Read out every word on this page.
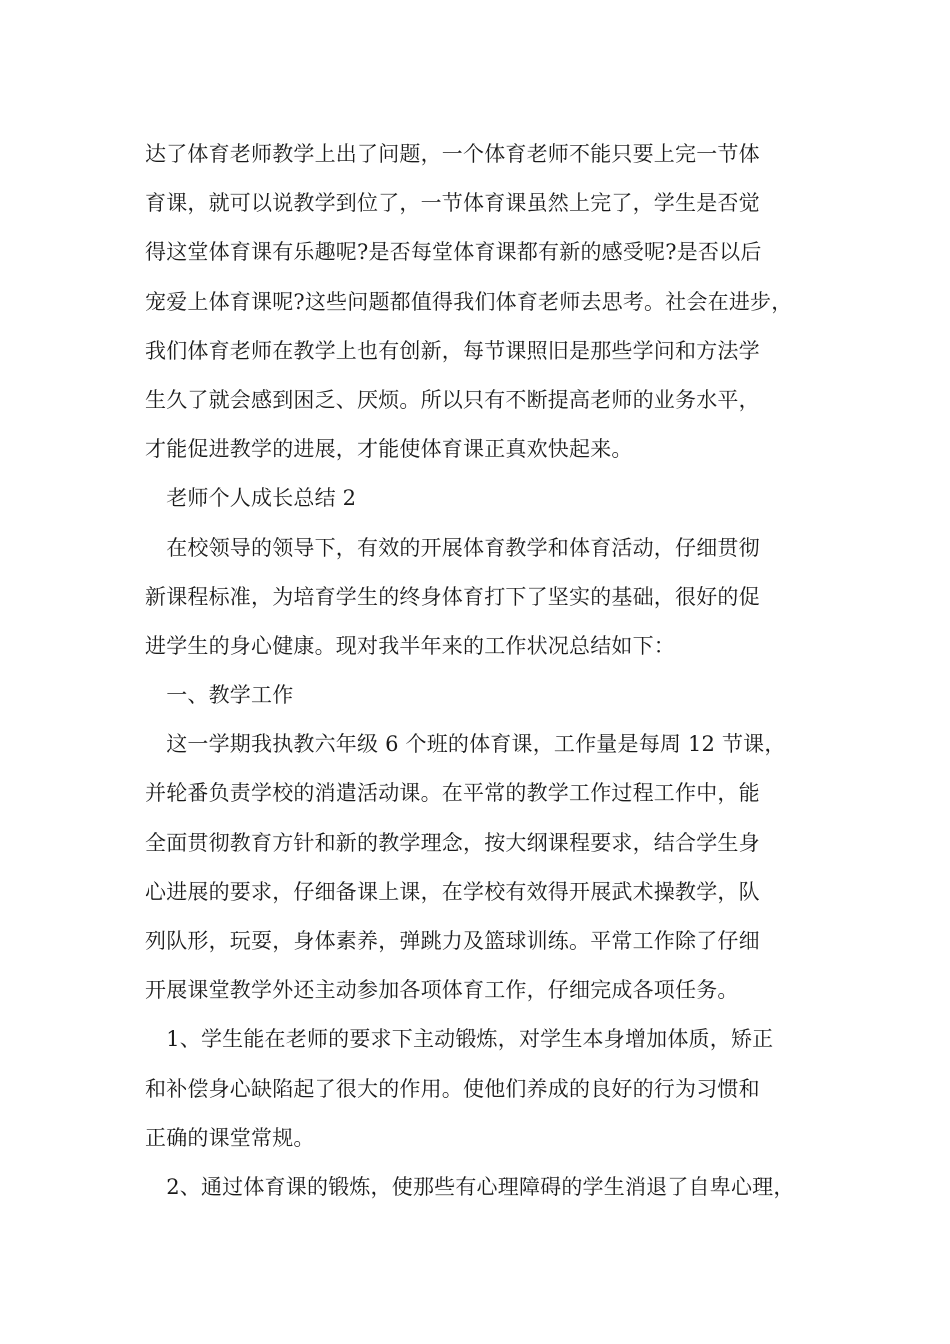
达了体育老师教学上出了问题，一个体育老师不能只要上完一节体
育课，就可以说教学到位了，一节体育课虽然上完了，学生是否觉
得这堂体育课有乐趣呢?是否每堂体育课都有新的感受呢?是否以后
宠爱上体育课呢?这些问题都值得我们体育老师去思考。社会在进步，
我们体育老师在教学上也有创新，每节课照旧是那些学问和方法学
生久了就会感到困乏、厌烦。所以只有不断提高老师的业务水平，
才能促进教学的进展，才能使体育课正真欢快起来。
　老师个人成长总结 2
　在校领导的领导下，有效的开展体育教学和体育活动，仔细贯彻
新课程标准，为培育学生的终身体育打下了坚实的基础，很好的促
进学生的身心健康。现对我半年来的工作状况总结如下：
　一、教学工作
　这一学期我执教六年级 6 个班的体育课，工作量是每周 12 节课，
并轮番负责学校的消遣活动课。在平常的教学工作过程工作中，能
全面贯彻教育方针和新的教学理念，按大纲课程要求，结合学生身
心进展的要求，仔细备课上课，在学校有效得开展武术操教学，队
列队形，玩耍，身体素养，弹跳力及篮球训练。平常工作除了仔细
开展课堂教学外还主动参加各项体育工作，仔细完成各项任务。
　1、学生能在老师的要求下主动锻炼，对学生本身增加体质，矫正
和补偿身心缺陷起了很大的作用。使他们养成的良好的行为习惯和
正确的课堂常规。
　2、通过体育课的锻炼，使那些有心理障碍的学生消退了自卑心理，
